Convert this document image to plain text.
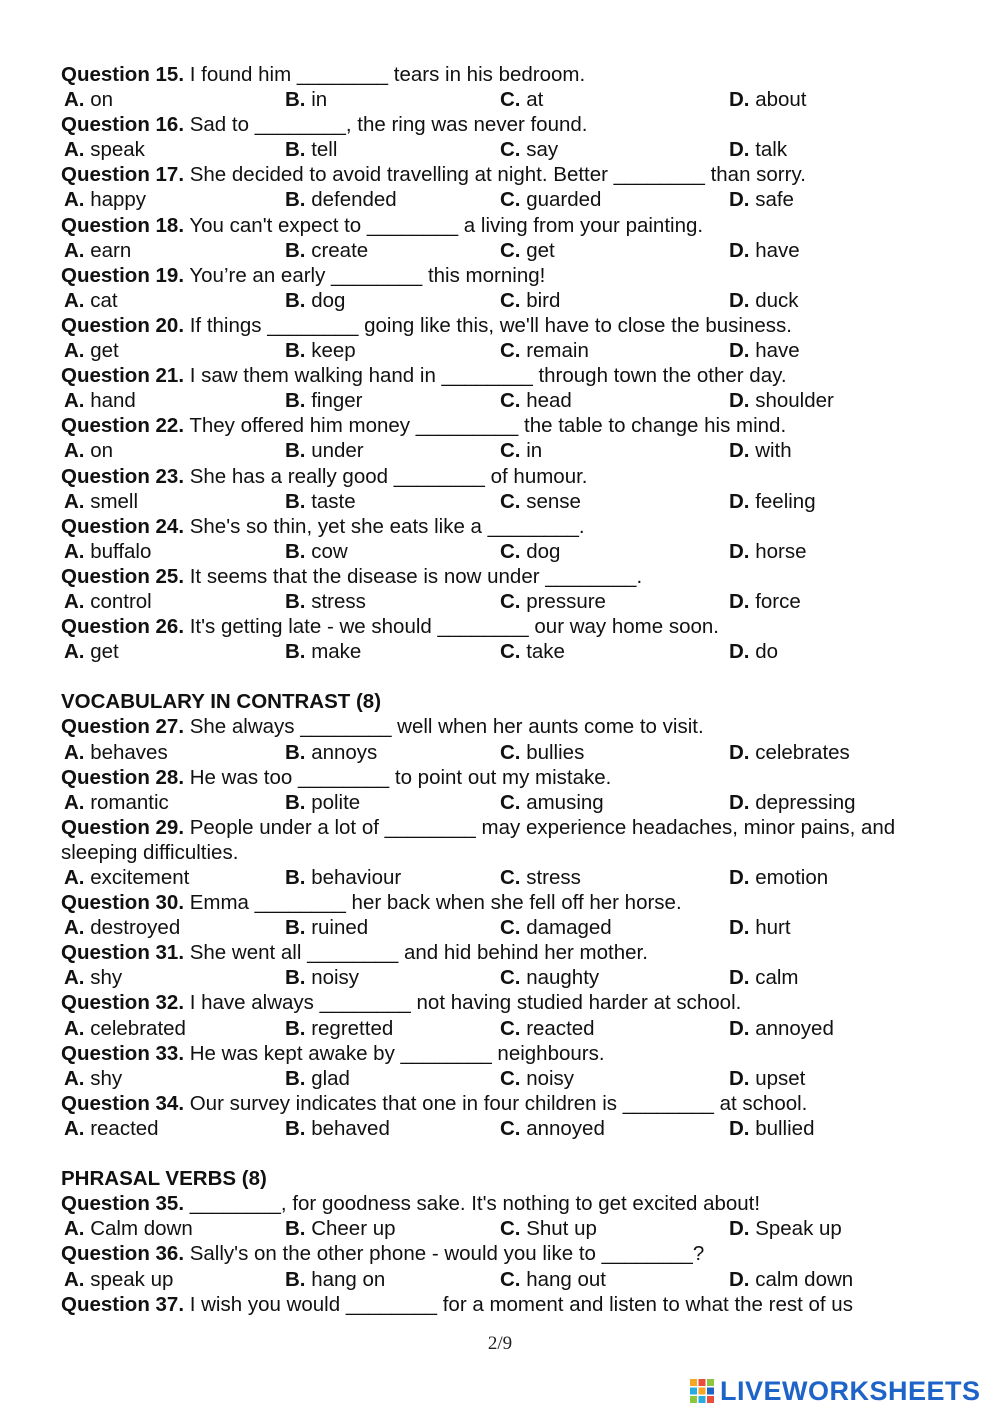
Question 15. I found him ________ tears in his bedroom.
A. on	B. in	C. at	D. about
Question 16. Sad to ________, the ring was never found.
A. speak	B. tell	C. say	D. talk
Question 17. She decided to avoid travelling at night. Better ________ than sorry.
A. happy	B. defended	C. guarded	D. safe
Question 18. You can't expect to ________ a living from your painting.
A. earn	B. create	C. get	D. have
Question 19. You’re an early ________ this morning!
A. cat	B. dog	C. bird	D. duck
Question 20. If things ________ going like this, we'll have to close the business.
A. get	B. keep	C. remain	D. have
Question 21. I saw them walking hand in ________ through town the other day.
A. hand	B. finger	C. head	D. shoulder
Question 22. They offered him money _________ the table to change his mind.
A. on	B. under	C. in	D. with
Question 23. She has a really good ________ of humour.
A. smell	B. taste	C. sense	D. feeling
Question 24. She's so thin, yet she eats like a ________.
A. buffalo	B. cow	C. dog	D. horse
Question 25. It seems that the disease is now under ________.
A. control	B. stress	C. pressure	D. force
Question 26. It's getting late - we should ________ our way home soon.
A. get	B. make	C. take	D. do
VOCABULARY IN CONTRAST (8)
Question 27. She always ________ well when her aunts come to visit.
A. behaves	B. annoys	C. bullies	D. celebrates
Question 28. He was too ________ to point out my mistake.
A. romantic	B. polite	C. amusing	D. depressing
Question 29. People under a lot of ________ may experience headaches, minor pains, and sleeping difficulties.
A. excitement	B. behaviour	C. stress	D. emotion
Question 30. Emma ________ her back when she fell off her horse.
A. destroyed	B. ruined	C. damaged	D. hurt
Question 31. She went all ________ and hid behind her mother.
A. shy	B. noisy	C. naughty	D. calm
Question 32. I have always ________ not having studied harder at school.
A. celebrated	B. regretted	C. reacted	D. annoyed
Question 33. He was kept awake by ________ neighbours.
A. shy	B. glad	C. noisy	D. upset
Question 34. Our survey indicates that one in four children is ________ at school.
A. reacted	B. behaved	C. annoyed	D. bullied
PHRASAL VERBS (8)
Question 35. ________, for goodness sake. It's nothing to get excited about!
A. Calm down	B. Cheer up	C. Shut up	D. Speak up
Question 36. Sally's on the other phone - would you like to ________?
A. speak up	B. hang on	C. hang out	D. calm down
Question 37. I wish you would ________ for a moment and listen to what the rest of us
2/9
LIVEWORKSHEETS
